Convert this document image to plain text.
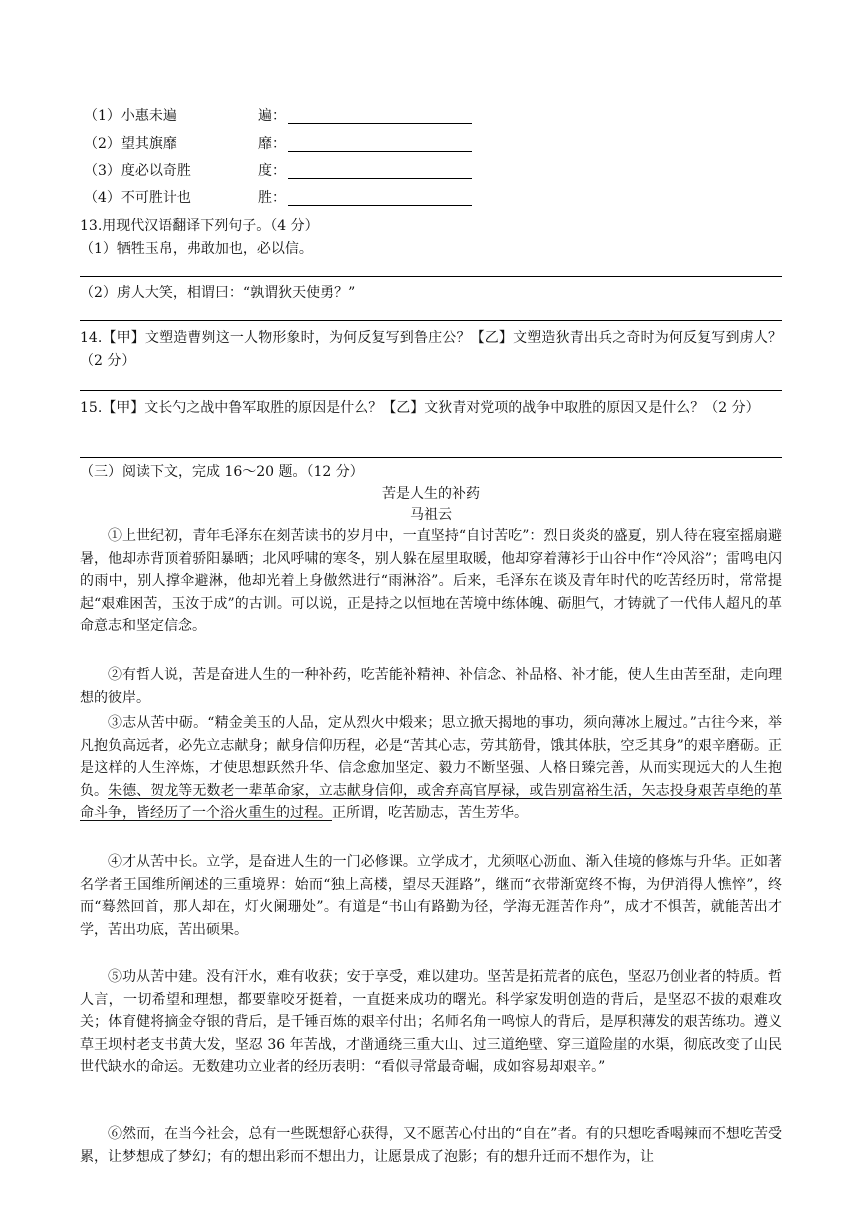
（1）小惠未遍	遍：
（2）望其旗靡	靡：
（3）度必以奇胜	度：
（4）不可胜计也	胜：
13.用现代汉语翻译下列句子。（4 分）
（1）牺牲玉帛，弗敢加也，必以信。
（2）虏人大笑，相谓曰：“孰谓狄天使勇？”
14.【甲】文塑造曹刿这一人物形象时，为何反复写到鲁庄公？【乙】文塑造狄青出兵之奇时为何反复写到虏人？（2 分）
15.【甲】文长勺之战中鲁军取胜的原因是什么？【乙】文狄青对党项的战争中取胜的原因又是什么？（2 分）
（三）阅读下文，完成 16～20 题。（12 分）
苦是人生的补药
马祖云
①上世纪初，青年毛泽东在刻苦读书的岁月中，一直坚持“自讨苦吃”：烈日炎炎的盛夏，别人待在寝室摇扇避暑，他却赤背顶着骄阳暴晒；北风呼啸的寒冬，别人躲在屋里取暖，他却穿着薄衫于山谷中作“冷风浴”；雷鸣电闪的雨中，别人撑伞避淋，他却光着上身傲然进行“雨淋浴”。后来，毛泽东在谈及青年时代的吃苦经历时，常常提起“艰难困苦，玉汝于成”的古训。可以说，正是持之以恒地在苦境中练体魄、砺胆气，才铸就了一代伟人超凡的革命意志和坚定信念。
②有哲人说，苦是奋进人生的一种补药，吃苦能补精神、补信念、补品格、补才能，使人生由苦至甜，走向理想的彼岸。
③志从苦中砺。“精金美玉的人品，定从烈火中煅来；思立掀天揭地的事功，须向薄冰上履过。”古往今来，举凡抱负高远者，必先立志献身；献身信仰历程，必是“苦其心志，劳其筋骨，饿其体肤，空乏其身”的艰辛磨砺。正是这样的人生淬炼，才使思想跃然升华、信念愈加坚定、毅力不断坚强、人格日臻完善，从而实现远大的人生抱负。朱德、贺龙等无数老一辈革命家，立志献身信仰，或舍弃高官厚禄，或告别富裕生活，矢志投身艰苦卓绝的革命斗争，皆经历了一个浴火重生的过程。正所谓，吃苦励志，苦生芳华。
④才从苦中长。立学，是奋进人生的一门必修课。立学成才，尤须呕心沥血、渐入佳境的修炼与升华。正如著名学者王国维所阐述的三重境界：始而“独上高楼，望尽天涯路”，继而“衣带渐宽终不悔，为伊消得人憔悴”，终而“蓦然回首，那人却在，灯火阑珊处”。有道是“书山有路勤为径，学海无涯苦作舟”，成才不惧苦，就能苦出才学，苦出功底，苦出硕果。
⑤功从苦中建。没有汗水，难有收获；安于享受，难以建功。坚苦是拓荒者的底色，坚忍乃创业者的特质。哲人言，一切希望和理想，都要靠咬牙挺着，一直挺来成功的曙光。科学家发明创造的背后，是坚忍不拔的艰难攻关；体育健将摘金夺银的背后，是千锤百炼的艰辛付出；名师名角一鸣惊人的背后，是厚积薄发的艰苦练功。遵义草王坝村老支书黄大发，坚忍 36 年苦战，才凿通绕三重大山、过三道绝壁、穿三道险崖的水渠，彻底改变了山民世代缺水的命运。无数建功立业者的经历表明：“看似寻常最奇崛，成如容易却艰辛。”
⑥然而，在当今社会，总有一些既想舒心获得，又不愿苦心付出的“自在”者。有的只想吃香喝辣而不想吃苦受累，让梦想成了梦幻；有的想出彩而不想出力，让愿景成了泡影；有的想升迁而不想作为，让
